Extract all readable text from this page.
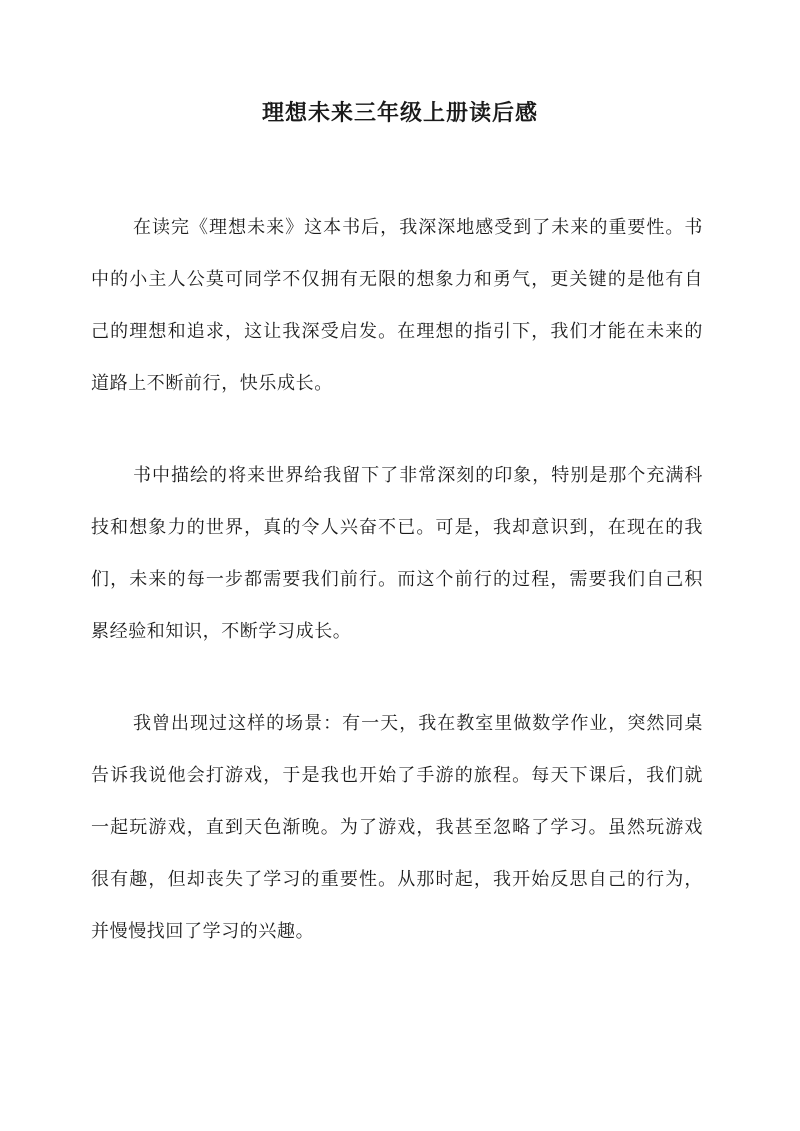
理想未来三年级上册读后感

在读完《理想未来》这本书后，我深深地感受到了未来的重要性。书中的小主人公莫可同学不仅拥有无限的想象力和勇气，更关键的是他有自己的理想和追求，这让我深受启发。在理想的指引下，我们才能在未来的道路上不断前行，快乐成长。

书中描绘的将来世界给我留下了非常深刻的印象，特别是那个充满科技和想象力的世界，真的令人兴奋不已。可是，我却意识到，在现在的我们，未来的每一步都需要我们前行。而这个前行的过程，需要我们自己积累经验和知识，不断学习成长。

我曾出现过这样的场景：有一天，我在教室里做数学作业，突然同桌告诉我说他会打游戏，于是我也开始了手游的旅程。每天下课后，我们就一起玩游戏，直到天色渐晚。为了游戏，我甚至忽略了学习。虽然玩游戏很有趣，但却丧失了学习的重要性。从那时起，我开始反思自己的行为，并慢慢找回了学习的兴趣。
